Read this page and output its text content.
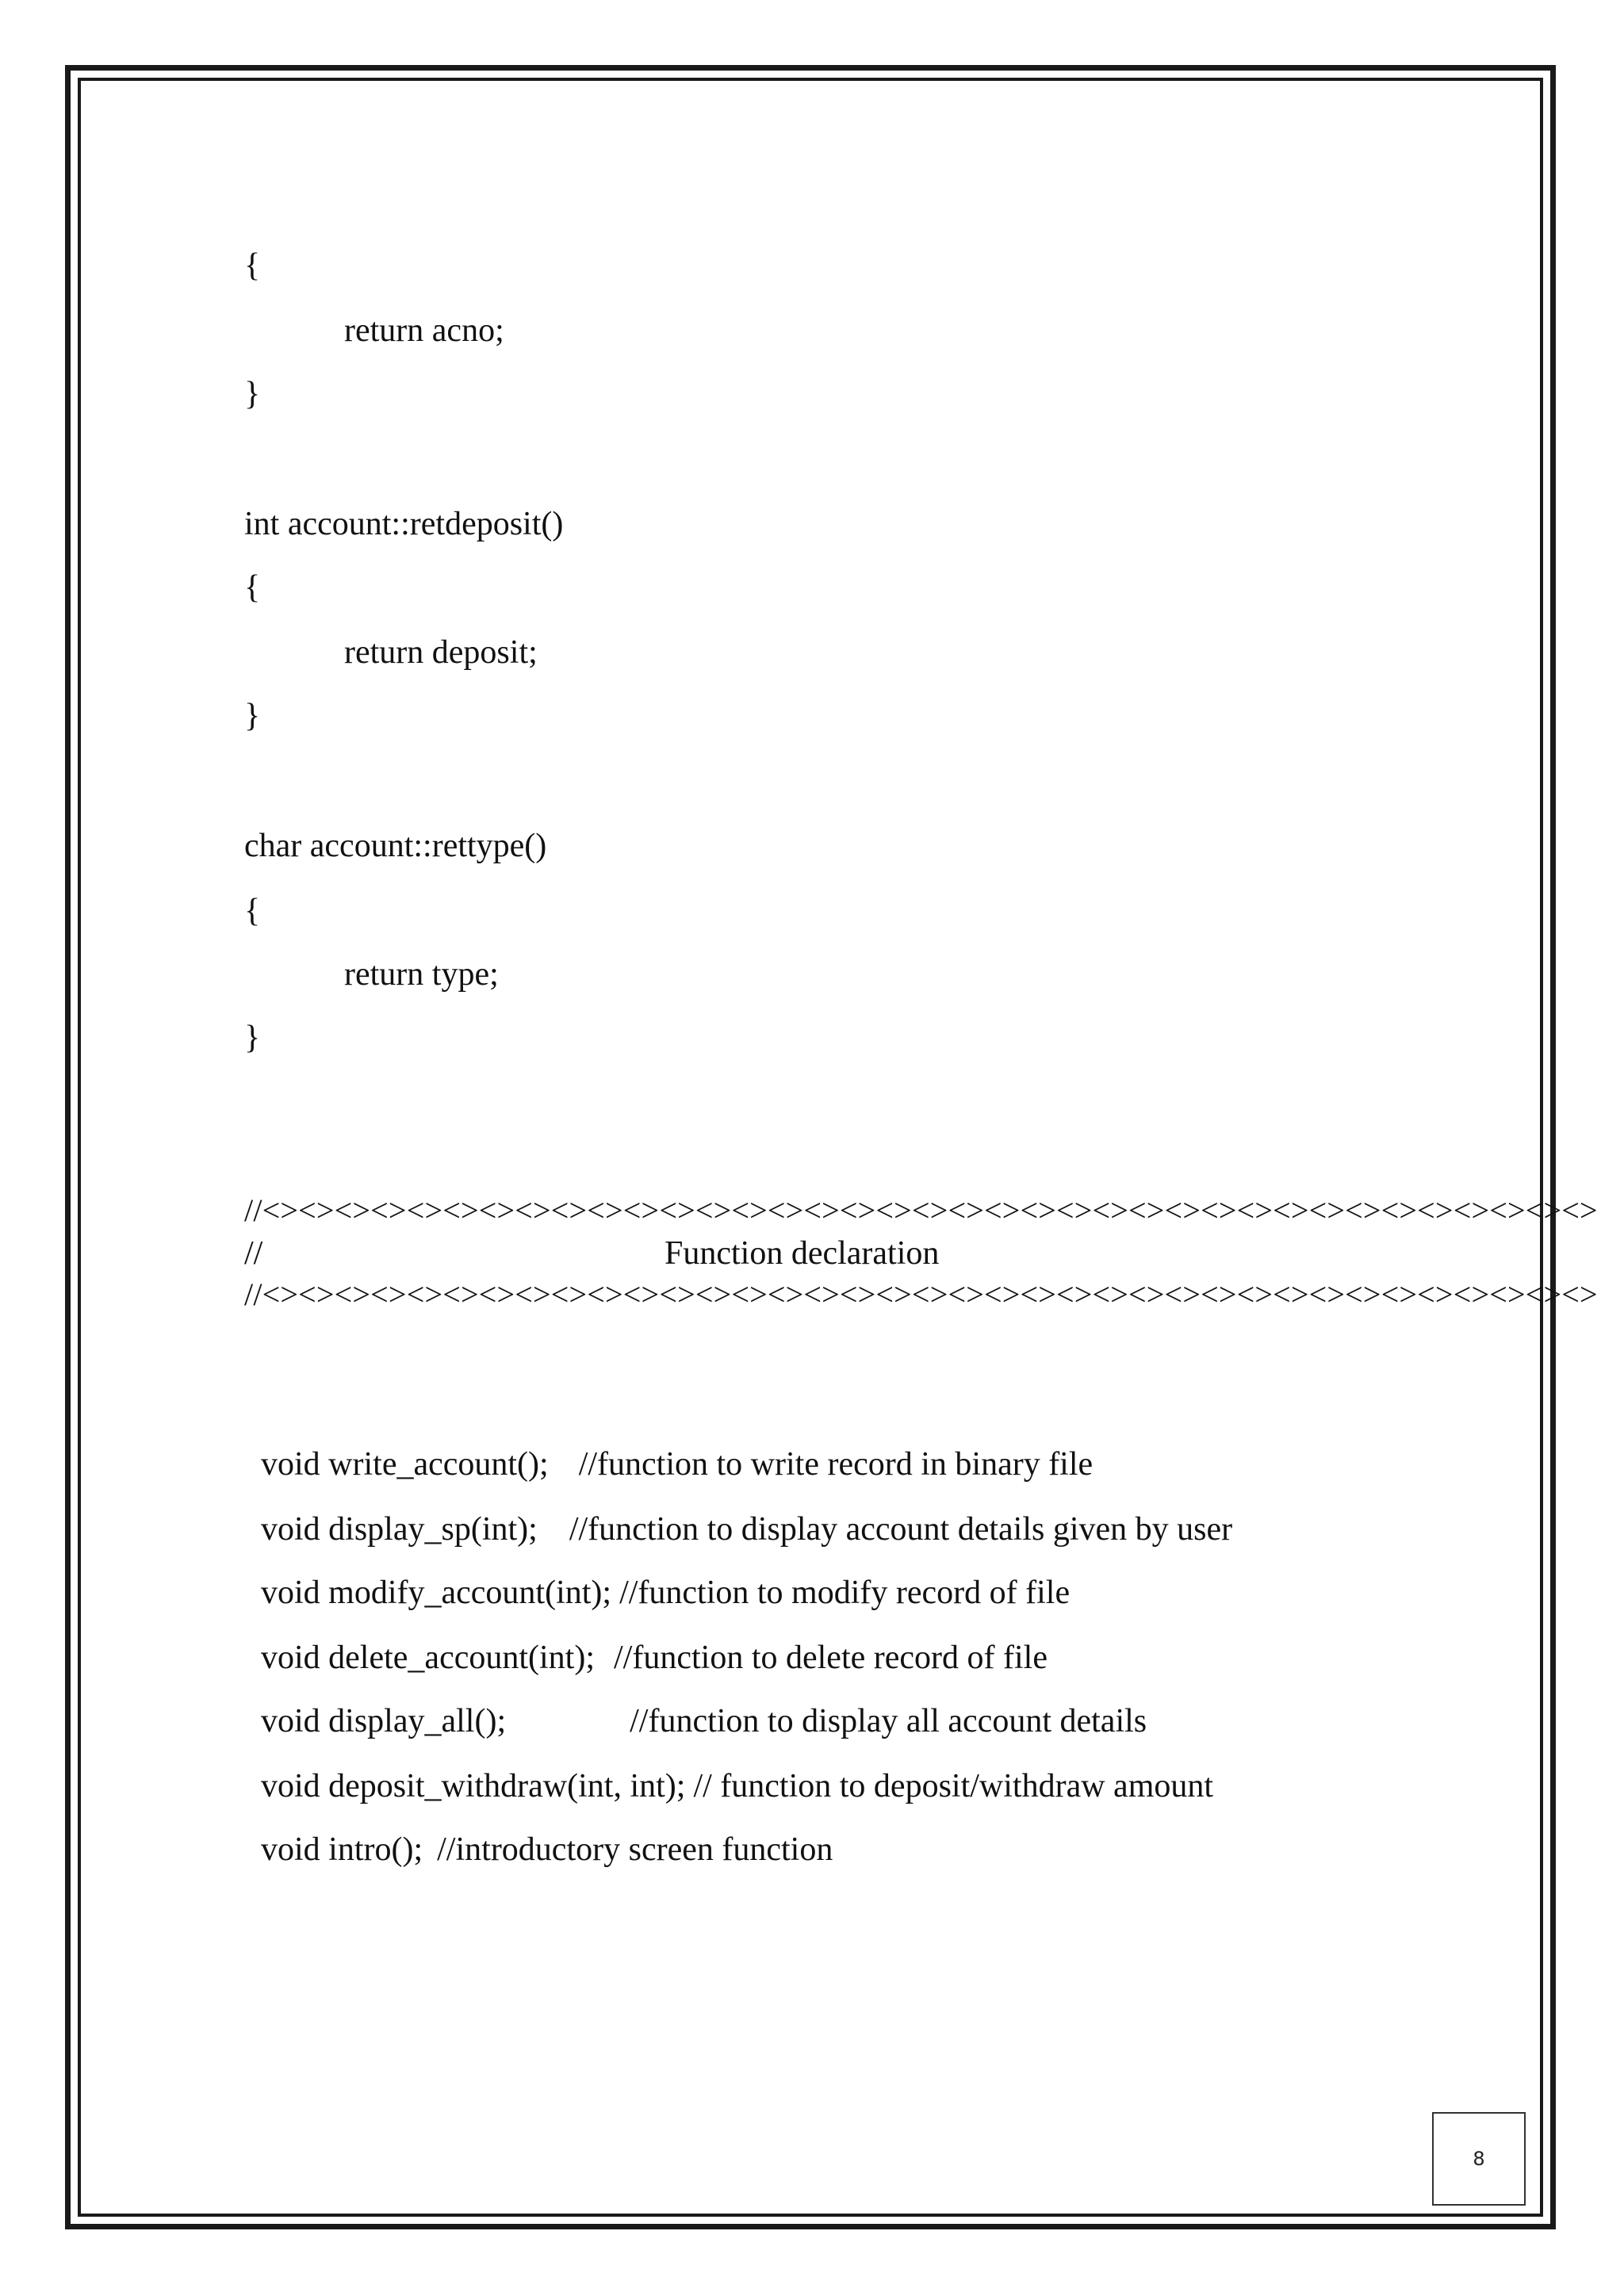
{
return acno;
}
int account::retdeposit()
{
return deposit;
}
char account::rettype()
{
return type;
}
//<><><><><><><><><><><><><><><><><><><><><><><><><><><><><><><><><><><><><>
//	Function declaration
//<><><><><><><><><><><><><><><><><><><><><><><><><><><><><><><><><><><><><>

void write_account(); //function to write record in binary file

void display_sp(int); //function to display account details given by user

void modify_account(int); //function to modify record of file

void delete_account(int); //function to delete record of file

void display_all();	//function to display all account details

void deposit_withdraw(int, int); // function to deposit/withdraw amount

void intro(); //introductory screen function

8
